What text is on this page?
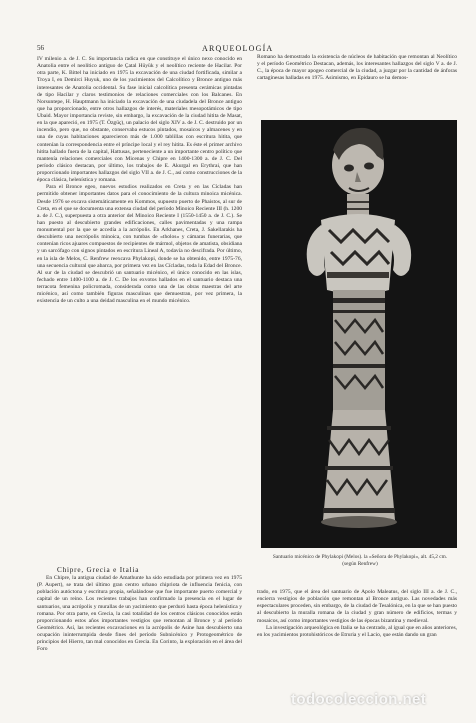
56	ARQUEOLOGÍA

IV milenio a. de J. C. Su importancia radica en que constituye el único nexo conocido en Anatolia entre el neolítico antiguo de Çatal Hüyük y el neolítico reciente de Hacilar. Por otra parte, K. Bittel ha iniciado en 1975 la excavación de una ciudad fortificada, similar a Troya I, en Demirci Huyuk, uno de los yacimientos del Calcolítico y Bronce antiguo más interesantes de Anatolia occidental. Su fase inicial calcolítica presenta cerámicas pintadas de tipo Hacilar y claros testimonios de relaciones comerciales con los Balcanes. En Norsuntepe, H. Hauptmann ha iniciado la excavación de una ciudadela del Bronce antiguo que ha proporcionado, entre otros hallazgos de interés, materiales mesopotámicos de tipo Ubaid. Mayor importancia reviste, sin embargo, la excavación de la ciudad hitita de Masat, en la que apareció, en 1975 (T. Özgüç), un palacio del siglo XIV a. de J. C. destruido por un incendio, pero que, no obstante, conservaba estucos pintados, mosaicos y almacenes y en una de cuyas habitaciones aparecieron más de 1.000 tablillas con escritura hitita, que contenían la correspondencia entre el príncipe local y el rey hitita. Es éste el primer archivo hitita hallado fuera de la capital, Hattusas, perteneciente a un importante centro político que mantenía relaciones comerciales con Micenas y Chipre en 1400-1300 a. de J. C. Del período clásico destacan, por último, los trabajos de E. Akurgal en Erythrai, que han proporcionado importantes hallazgos del siglo VII a. de J. C., así como construcciones de la época clásica, helenística y romana.

Para el Bronce egeo, nuevos estudios realizados en Creta y en las Cícladas han permitido obtener importantes datos para el conocimiento de la cultura minoica micénica. Desde 1976 se excava sistemáticamente en Kommos, supuesto puerto de Phaistos, al sur de Creta, en el que se documenta una extensa ciudad del período Minoico Reciente III (h. 1200 a. de J. C.), superpuesta a otra anterior del Minoico Reciente I (1550-1450 a. de J. C.). Se han puesto al descubierto grandes edificaciones, calles pavimentadas y una rampa monumental por la que se accedía a la acrópolis. En Arkhanes, Creta, J. Sakellarakis ha descubierto una necrópolis minoica, con tumbas de «tholos» y cámaras funerarias, que contenían ricos ajuares compuestos de recipientes de mármol, objetos de amatista, obsidiana y un sarcófago con signos pintados en escritura Lineal A, todavía no descifrada. Por último, en la isla de Melos, C. Renfrew reexcava Phylakopi, donde se ha obtenido, entre 1975-76, una secuencia cultural que abarca, por primera vez en las Cícladas, toda la Edad del Bronce. Al sur de la ciudad se descubrió un santuario micénico, el único conocido en las islas, fechado entre 1400-1100 a. de J. C. De los exvotos hallados en el santuario destaca una terracota femenina policromada, considerada como una de las obras maestras del arte micénico, así como también figuras masculinas que demuestran, por vez primera, la existencia de un culto a una deidad masculina en el mundo micénico.

Chipre, Grecia e Italia

En Chipre, la antigua ciudad de Amathunte ha sido estudiada por primera vez en 1975 (P. Aupert), se trata del último gran centro urbano chipriota de influencia fenicia, con población autóctona y escritura propia, señalándose que fue importante puerto comercial y capital de un reino. Los recientes trabajos han confirmado la presencia en el lugar de santuarios, una acrópolis y murallas de un yacimiento que perduró hasta época helenística y romana. Por otra parte, en Grecia, la casi totalidad de los centros clásicos conocidos están proporcionando estos años importantes vestigios que remontan al Bronce y al período Geométrico. Así, las recientes excavaciones en la acrópolis de Asine han descubierto una ocupación ininterrumpida desde fines del período Subnicénico y Protogeométrico de principios del Hierro, tan mal conocidos en Grecia. En Corinto, la exploración en el área del Foro

Romano ha demostrado la existencia de núcleos de habitación que remontan al Neolítico y el período Geométrico Destacan, además, los interesantes hallazgos del siglo V a. de J. C., la época de mayor apogeo comercial de la ciudad, a juzgar por la cantidad de ánforas cartaginesas halladas en 1975. Asimismo, en Epidauro se ha demos-

Santuario micénico de Phylakopi (Melos). la «Señora de Phylakopi», alt. 45,2 cm. (según Renfrew)

trado, en 1975, que el área del santuario de Apolo Maleatus, del siglo III a. de J. C., encierra vestigios de población que remontan al Bronce antiguo. Las novedades más espectaculares proceden, sin embargo, de la ciudad de Tesalónica, en la que se han puesto al descubierto la muralla romana de la ciudad y gran número de edificios, termas y mosaicos, así como importantes vestigios de las épocas bizantina y medieval.

La investigación arqueológica en Italia se ha centrado, al igual que en años anteriores, en los yacimientos protohistóricos de Etruria y el Lacio, que están dando un gran

todocoleccion.net
